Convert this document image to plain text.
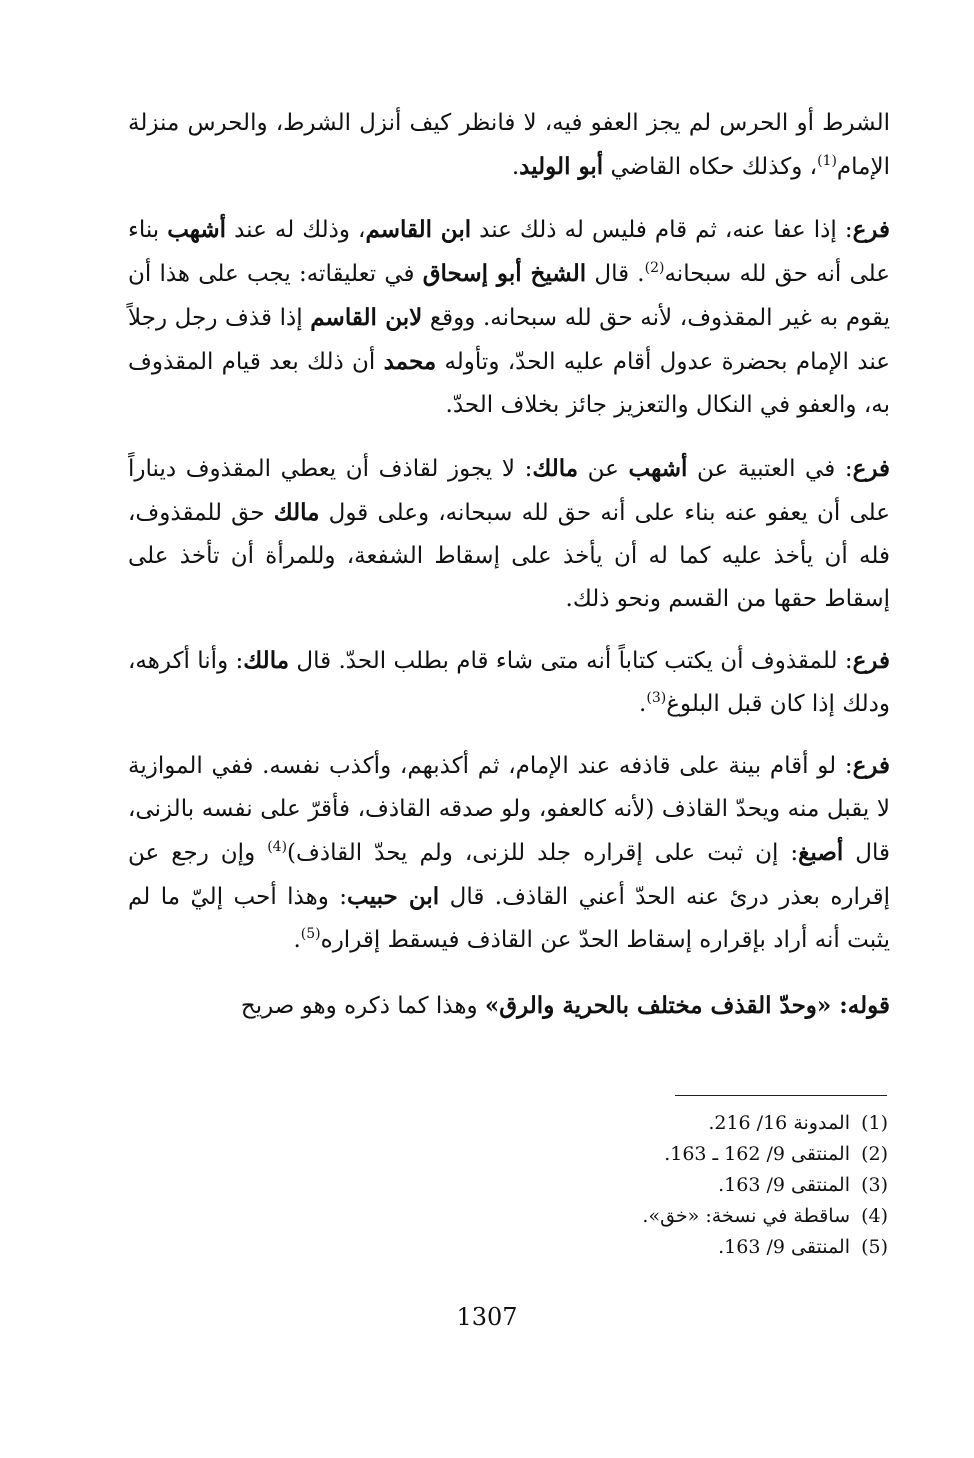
الشرط أو الحرس لم يجز العفو فيه، لا فانظر كيف أنزل الشرط، والحرس منزلة الإمام$^{(1)}$، وكذلك حكاه القاضي أبو الوليد.

فرع: إذا عفا عنه، ثم قام فليس له ذلك عند ابن القاسم، وذلك له عند أشهب بناء على أنه حق لله سبحانه$^{(2)}$. قال الشيخ أبو إسحاق في تعليقاته: يجب على هذا أن يقوم به غير المقذوف، لأنه حق لله سبحانه. ووقع لابن القاسم إذا قذف رجل رجلاً عند الإمام بحضرة عدول أقام عليه الحدّ، وتأوله محمد أن ذلك بعد قيام المقذوف به، والعفو في النكال والتعزيز جائز بخلاف الحدّ.

فرع: في العتبية عن أشهب عن مالك: لا يجوز لقاذف أن يعطي المقذوف ديناراً على أن يعفو عنه بناء على أنه حق لله سبحانه، وعلى قول مالك حق للمقذوف، فله أن يأخذ عليه كما له أن يأخذ على إسقاط الشفعة، وللمرأة أن تأخذ على إسقاط حقها من القسم ونحو ذلك.

فرع: للمقذوف أن يكتب كتاباً أنه متى شاء قام بطلب الحدّ. قال مالك: وأنا أكرهه، ودلك إذا كان قبل البلوغ$^{(3)}$.

فرع: لو أقام بينة على قاذفه عند الإمام، ثم أكذبهم، وأكذب نفسه. ففي الموازية لا يقبل منه ويحدّ القاذف (لأنه كالعفو، ولو صدقه القاذف، فأقرّ على نفسه بالزنى، قال أصبغ: إن ثبت على إقراره جلد للزنى، ولم يحدّ القاذف)$^{(4)}$ وإن رجع عن إقراره بعذر درئ عنه الحدّ أعني القاذف. قال ابن حبيب: وهذا أحب إليّ ما لم يثبت أنه أراد بإقراره إسقاط الحدّ عن القاذف فيسقط إقراره$^{(5)}$.

قوله: «وحدّ القذف مختلف بالحرية والرق» وهذا كما ذكره وهو صريح

(1)المدونة 16/ 216.
(2)المنتقى 9/ 162 ـ 163.
(3)المنتقى 9/ 163.
(4)ساقطة في نسخة: «خق».
(5)المنتقى 9/ 163.
1307
